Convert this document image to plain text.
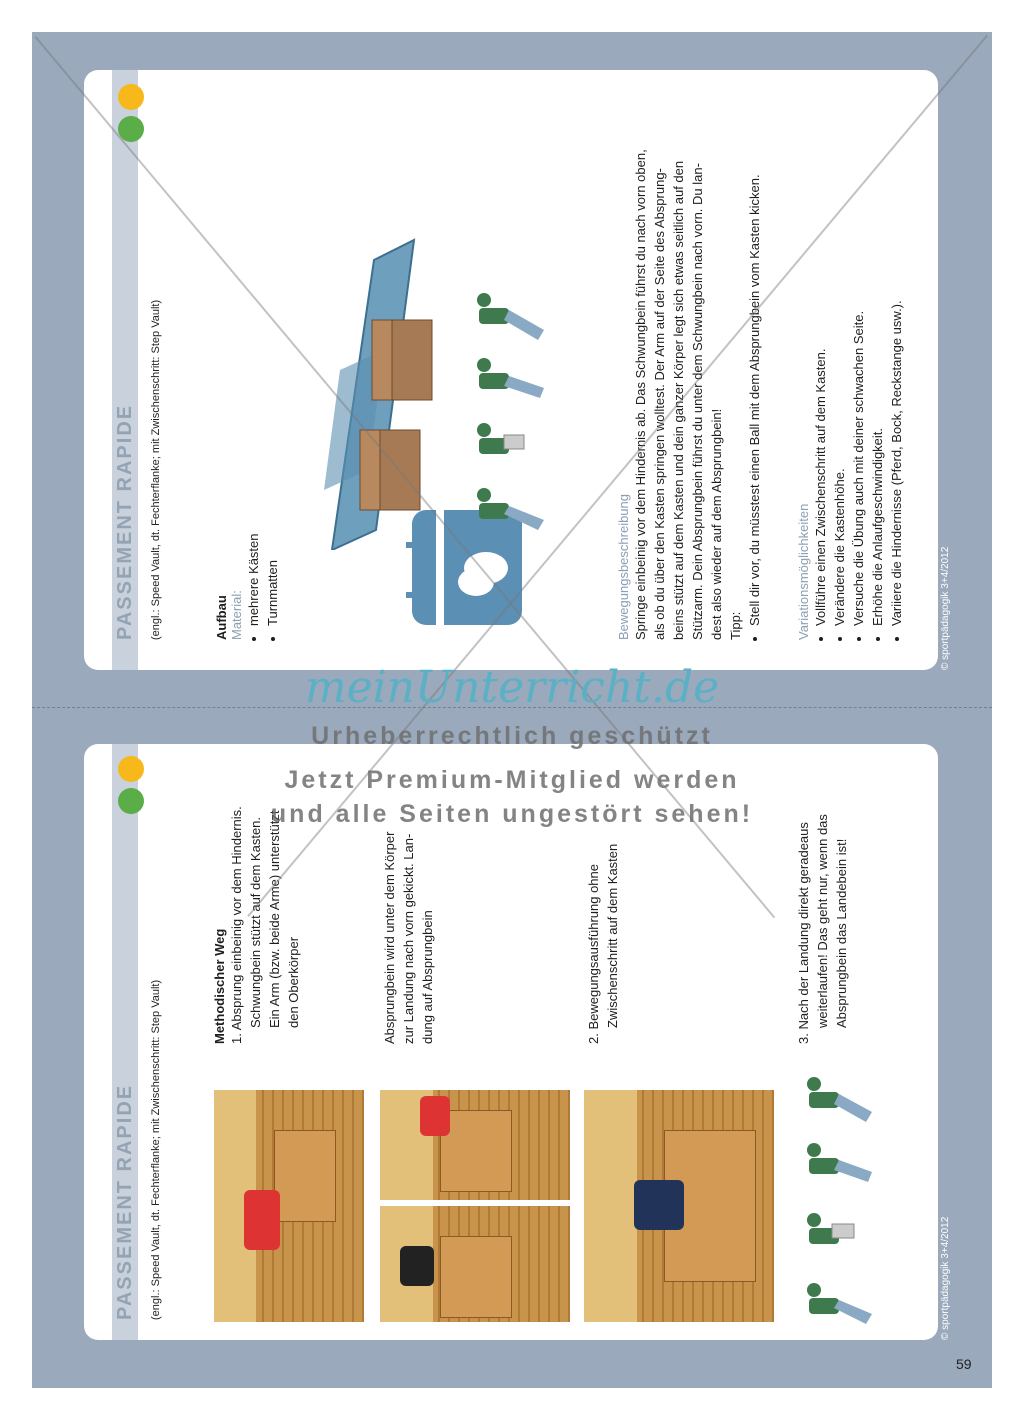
PASSEMENT RAPIDE (engl.: Speed Vault, dt. Fechterflanke; mit Zwischenschritt: Step Vault)	Aufbau Material: • mehrere Kästen • Turnmatten	Bewegungsbeschreibung Springe einbeinig vor dem Hindernis ab. Das Schwungbein führst du nach vorn oben, als ob du über den Kasten springen wolltest. Der Arm auf der Seite des Absprung- beins stützt auf dem Kasten und dein ganzer Körper legt sich etwas seitlich auf den Stützarm. Dein Absprungbein führst du unter dem Schwungbein nach vorn. Du lan- dest also wieder auf dem Absprungbein! Tipp: • Stell dir vor, du müsstest einen Ball mit dem Absprungbein vom Kasten kicken.	Variationsmöglichkeiten • Vollführe einen Zwischenschritt auf dem Kasten. • Verändere die Kastenhöhe. • Versuche die Übung auch mit deiner schwachen Seite. • Erhöhe die Anlaufgeschwindigkeit. • Variiere die Hindernisse (Pferd, Bock, Reckstange usw.).	© sportpädagogik 3+4/2012
PASSEMENT RAPIDE (engl.: Speed Vault, dt. Fechterflanke; mit Zwischenschritt: Step Vault)	Methodischer Weg 1. Absprung einbeinig vor dem Hindernis. Schwungbein stützt auf dem Kasten. Ein Arm (bzw. beide Arme) unterstützt den Oberkörper	Absprungbein wird unter dem Körper zur Landung nach vorn gekickt. Lan- dung auf Absprungbein	2. Bewegungsausführung ohne Zwischenschritt auf dem Kasten
3. Nach der Landung direkt geradeaus weiterlaufen! Das geht nur, wenn das Absprungbein das Landebein ist!
© sportpädagogik 3+4/2012
meinUnterricht.de
Urheberrechtlich geschützt
Jetzt Premium-Mitglied werden
und alle Seiten ungestört sehen!
59
